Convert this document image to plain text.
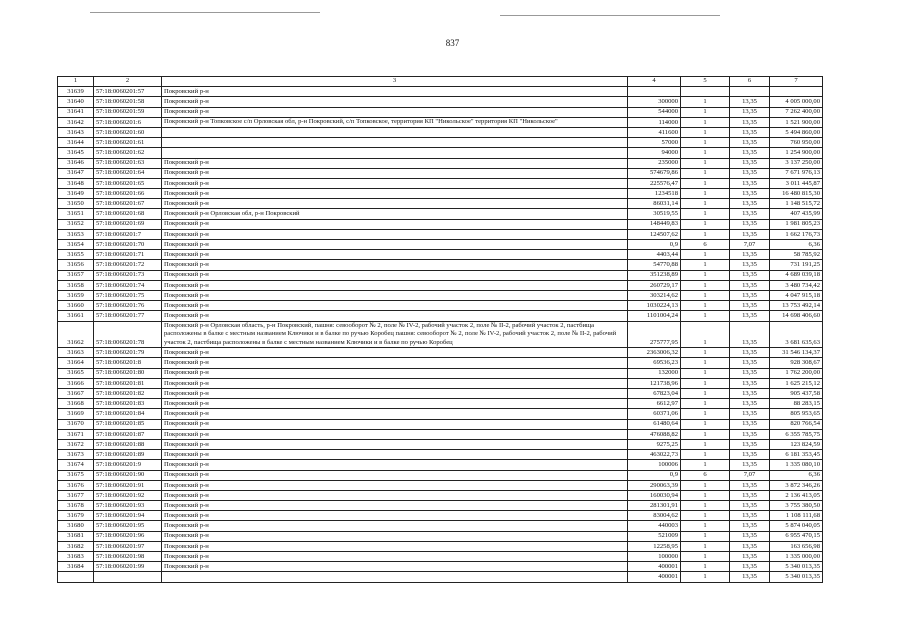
837
1	2	3	4	5	6	7
31639	57:18:0060201:57	Покровский р-н				
31640	57:18:0060201:58	Покровский р-н	300000	1	13,35	4 005 000,00
31641	57:18:0060201:59	Покровский р-н	544000	1	13,35	7 262 400,00
31642	57:18:0060201:6	Покровский р-н Топковское с/п Орловская обл, р-н Покровский, с/п Топковское, территория КП "Никольское" территория КП "Никольское"	114000	1	13,35	1 521 900,00
31643	57:18:0060201:60		411600	1	13,35	5 494 860,00
31644	57:18:0060201:61		57000	1	13,35	760 950,00
31645	57:18:0060201:62		94000	1	13,35	1 254 900,00
31646	57:18:0060201:63	Покровский р-н	235000	1	13,35	3 137 250,00
31647	57:18:0060201:64	Покровский р-н	574679,86	1	13,35	7 671 976,13
31648	57:18:0060201:65	Покровский р-н	225576,47	1	13,35	3 011 445,87
31649	57:18:0060201:66	Покровский р-н	1234518	1	13,35	16 480 815,30
31650	57:18:0060201:67	Покровский р-н	86031,14	1	13,35	1 148 515,72
31651	57:18:0060201:68	Покровский р-н Орловская обл, р-н Покровский	30519,55	1	13,35	407 435,99
31652	57:18:0060201:69	Покровский р-н	148449,83	1	13,35	1 981 805,23
31653	57:18:0060201:7	Покровский р-н	124507,62	1	13,35	1 662 176,73
31654	57:18:0060201:70	Покровский р-н	0,9	6	7,07	6,36
31655	57:18:0060201:71	Покровский р-н	4403,44	1	13,35	58 785,92
31656	57:18:0060201:72	Покровский р-н	54770,88	1	13,35	731 191,25
31657	57:18:0060201:73	Покровский р-н	351238,89	1	13,35	4 689 039,18
31658	57:18:0060201:74	Покровский р-н	260729,17	1	13,35	3 480 734,42
31659	57:18:0060201:75	Покровский р-н	303214,62	1	13,35	4 047 915,18
31660	57:18:0060201:76	Покровский р-н	1030224,13	1	13,35	13 753 492,14
31661	57:18:0060201:77	Покровский р-н	1101004,24	1	13,35	14 698 406,60
31662	57:18:0060201:78	Покровский р-н Орловская область, р-н Покровский, пашня: севооборот № 2, поле № IV-2, рабочий участок 2, поле № II-2, рабочий участок 2, пастбища расположены в балке с местным названием Ключики и в балке по ручью Коробец пашня: севооборот № 2, поле № IV-2, рабочий участок 2, поле № II-2, рабочий участок 2, пастбища расположены в балке с местным названием Ключики и в балке по ручью Коробец	275777,95	1	13,35	3 681 635,63
31663	57:18:0060201:79	Покровский р-н	2363006,32	1	13,35	31 546 134,37
31664	57:18:0060201:8	Покровский р-н	69536,23	1	13,35	928 308,67
31665	57:18:0060201:80	Покровский р-н	132000	1	13,35	1 762 200,00
31666	57:18:0060201:81	Покровский р-н	121738,96	1	13,35	1 625 215,12
31667	57:18:0060201:82	Покровский р-н	67823,04	1	13,35	905 437,58
31668	57:18:0060201:83	Покровский р-н	6612,97	1	13,35	88 283,15
31669	57:18:0060201:84	Покровский р-н	60371,06	1	13,35	805 953,65
31670	57:18:0060201:85	Покровский р-н	61480,64	1	13,35	820 766,54
31671	57:18:0060201:87	Покровский р-н	476088,82	1	13,35	6 355 785,75
31672	57:18:0060201:88	Покровский р-н	9275,25	1	13,35	123 824,59
31673	57:18:0060201:89	Покровский р-н	463022,73	1	13,35	6 181 353,45
31674	57:18:0060201:9	Покровский р-н	100006	1	13,35	1 335 080,10
31675	57:18:0060201:90	Покровский р-н	0,9	6	7,07	6,36
31676	57:18:0060201:91	Покровский р-н	290063,39	1	13,35	3 872 346,26
31677	57:18:0060201:92	Покровский р-н	160030,94	1	13,35	2 136 413,05
31678	57:18:0060201:93	Покровский р-н	281301,91	1	13,35	3 755 380,50
31679	57:18:0060201:94	Покровский р-н	83004,62	1	13,35	1 108 111,68
31680	57:18:0060201:95	Покровский р-н	440003	1	13,35	5 874 040,05
31681	57:18:0060201:96	Покровский р-н	521009	1	13,35	6 955 470,15
31682	57:18:0060201:97	Покровский р-н	12258,95	1	13,35	163 656,98
31683	57:18:0060201:98	Покровский р-н	100000	1	13,35	1 335 000,00
31684	57:18:0060201:99	Покровский р-н	400001	1	13,35	5 340 013,35
			400001	1	13,35	5 340 013,35
